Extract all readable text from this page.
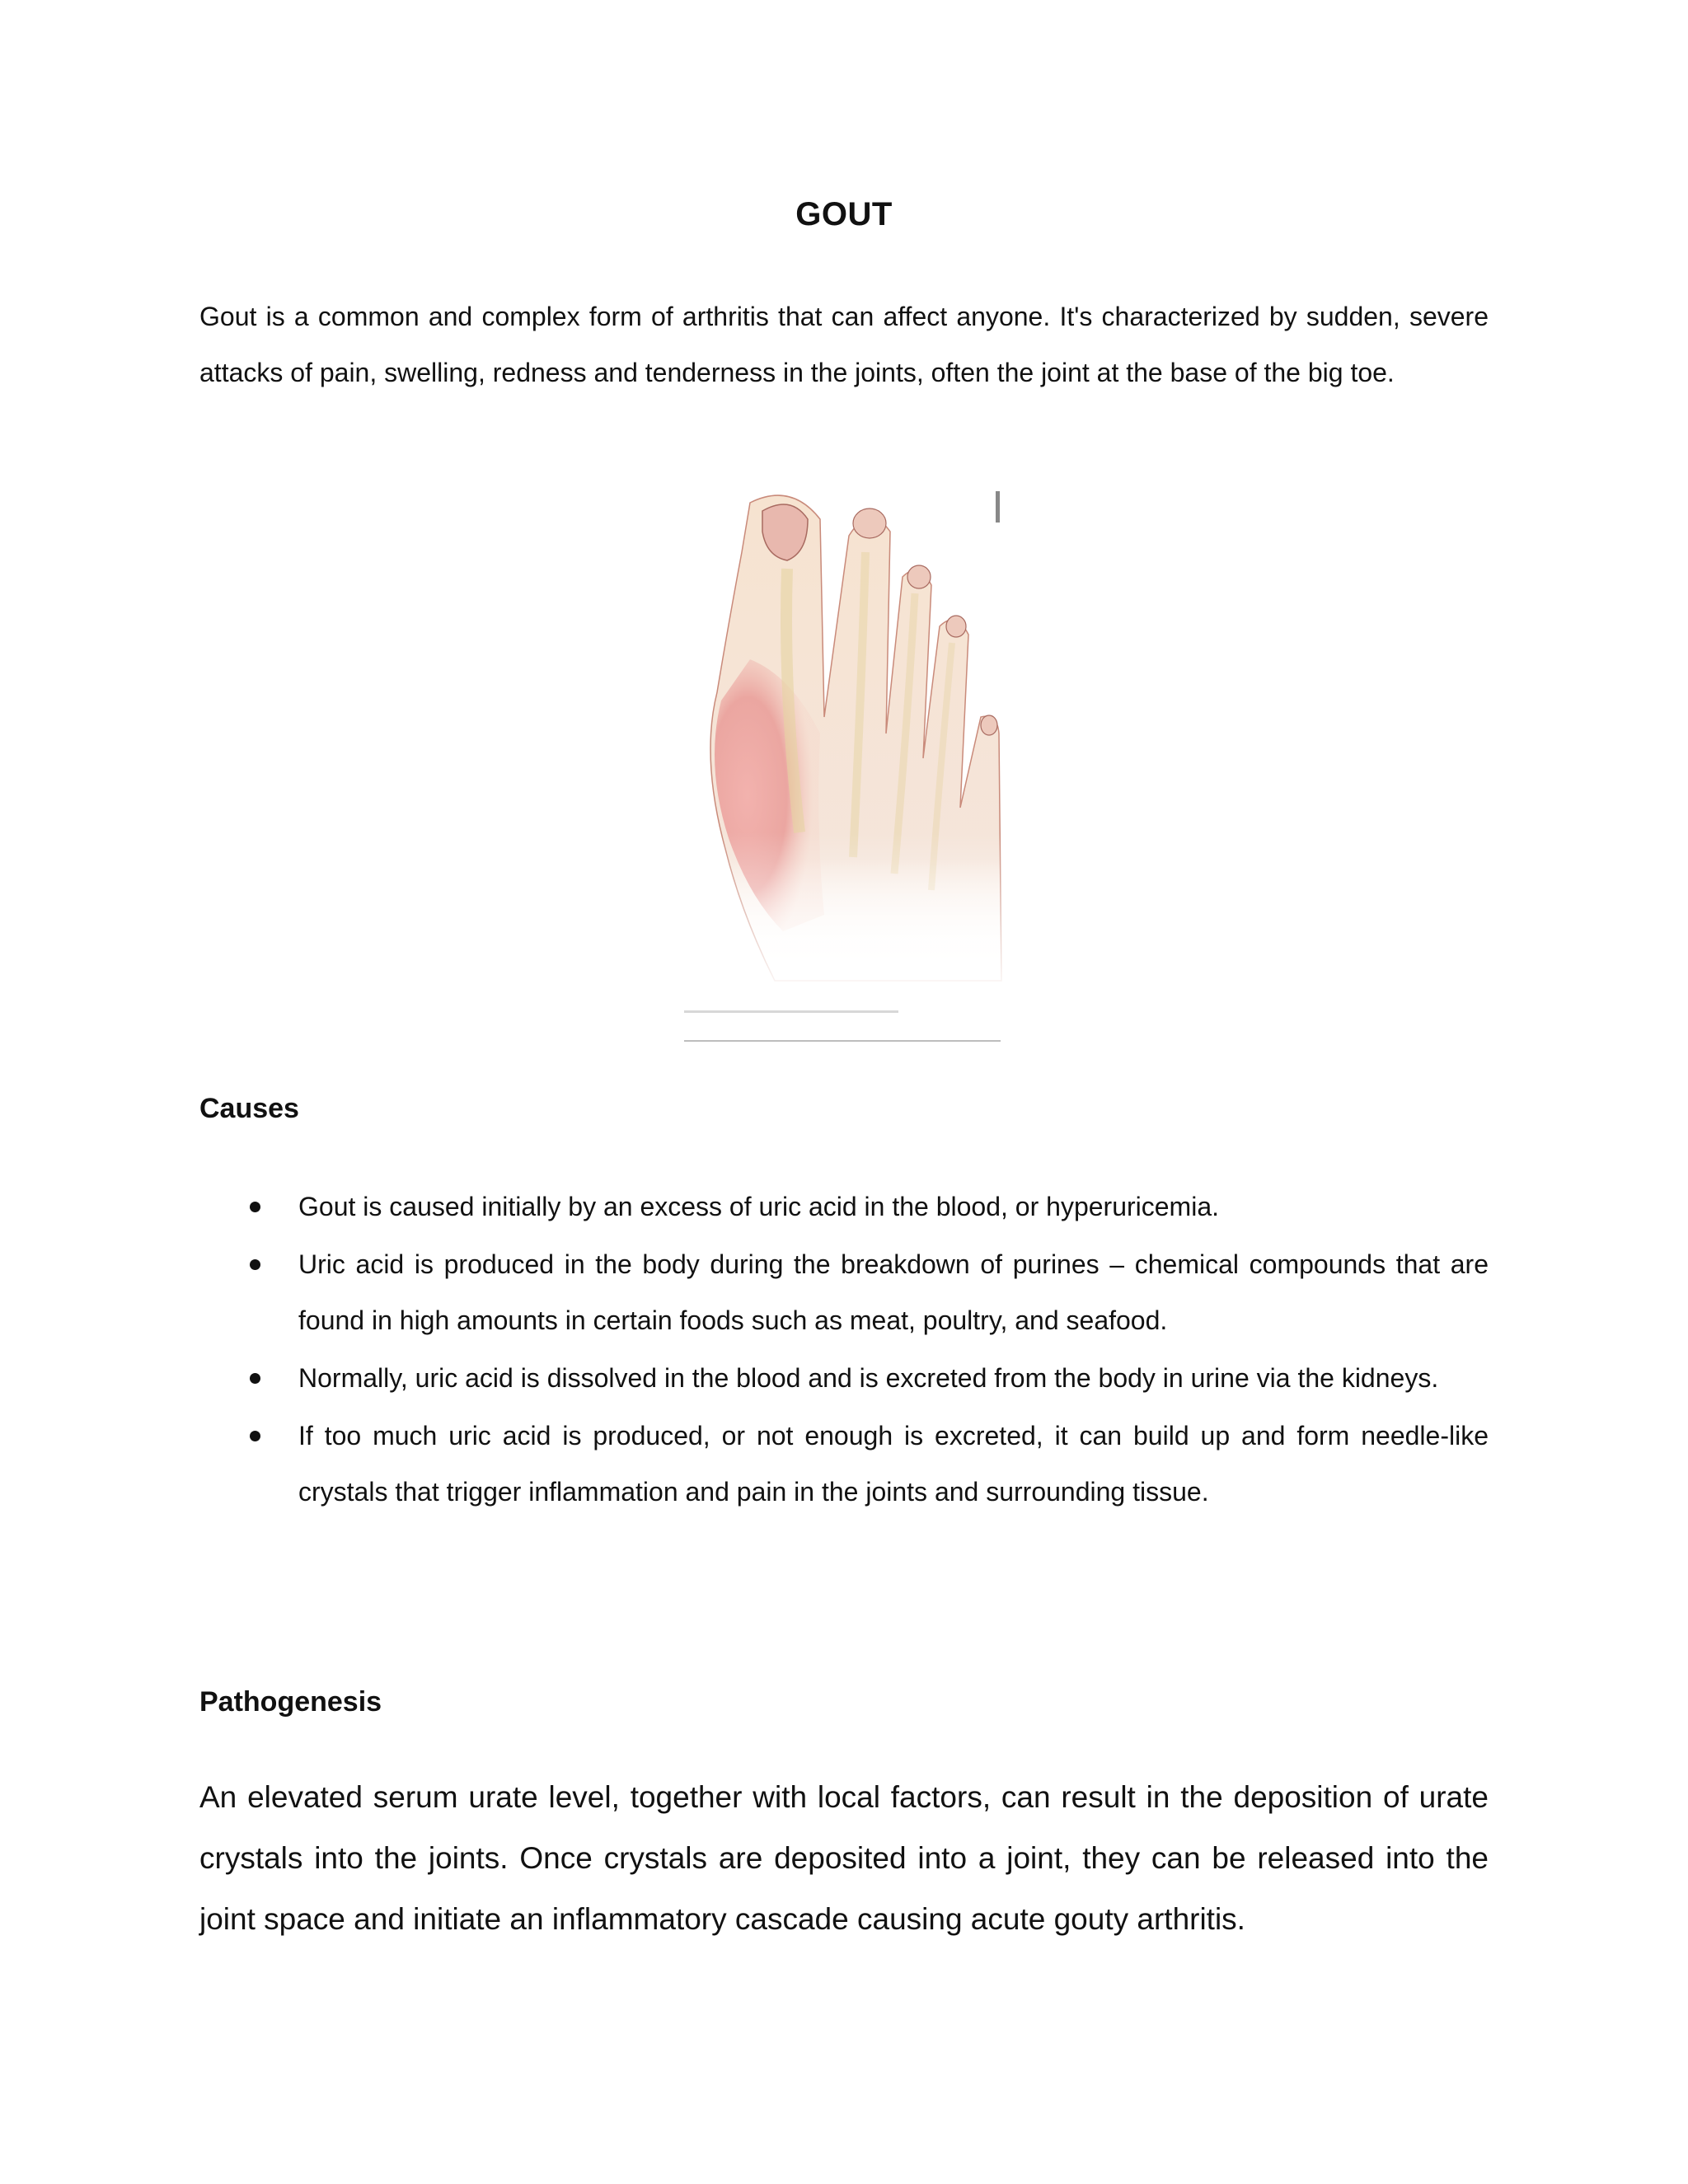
GOUT
Gout is a common and complex form of arthritis that can affect anyone. It's characterized by sudden, severe attacks of pain, swelling, redness and tenderness in the joints, often the joint at the base of the big toe.
Causes
Gout is caused initially by an excess of uric acid in the blood, or hyperuricemia.
Uric acid is produced in the body during the breakdown of purines – chemical compounds that are found in high amounts in certain foods such as meat, poultry, and seafood.
Normally, uric acid is dissolved in the blood and is excreted from the body in urine via the kidneys.
If too much uric acid is produced, or not enough is excreted, it can build up and form needle-like crystals that trigger inflammation and pain in the joints and surrounding tissue.
Pathogenesis
An elevated serum urate level, together with local factors, can result in the deposition of urate crystals into the joints. Once crystals are deposited into a joint, they can be released into the joint space and initiate an inflammatory cascade causing acute gouty arthritis.
